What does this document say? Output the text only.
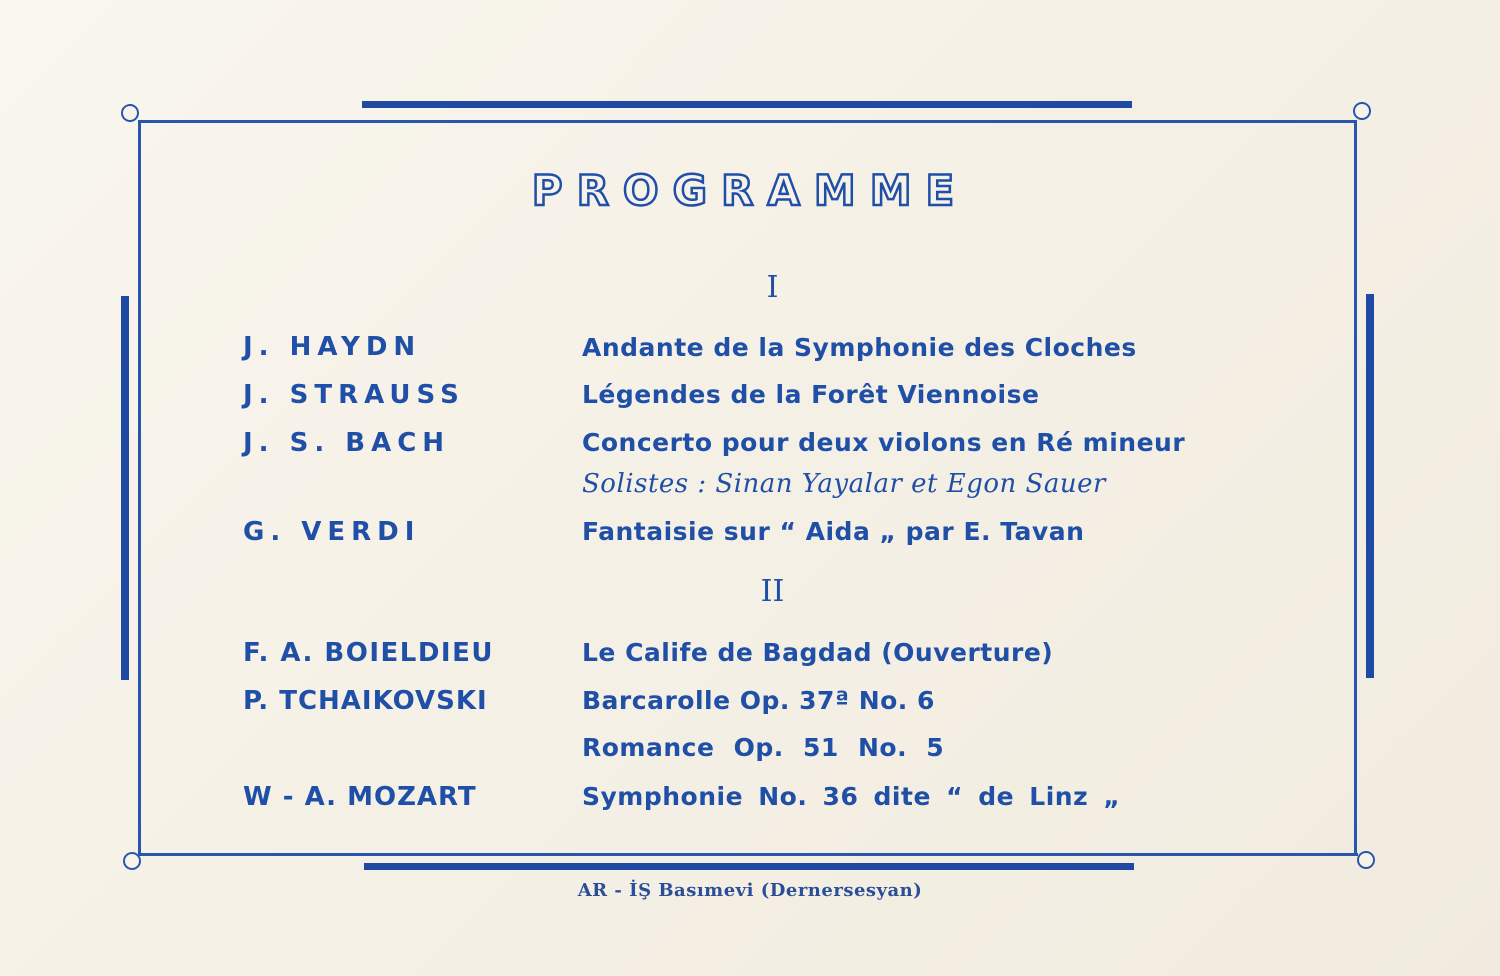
PROGRAMME
I
J. HAYDN	Andante de la Symphonie des Cloches
J. STRAUSS	Légendes de la Forêt Viennoise
J. S. BACH	Concerto pour deux violons en Ré mineur
Solistes : Sinan Yayalar et Egon Sauer
G. VERDI	Fantaisie sur “ Aida „ par E. Tavan
II
F. A. BOIELDIEU	Le Calife de Bagdad (Ouverture)
P. TCHAIKOVSKI	Barcarolle Op. 37ª No. 6
Romance Op. 51 No. 5
W - A. MOZART	Symphonie No. 36 dite “ de Linz „
AR - İŞ Basımevi (Dernersesyan)
